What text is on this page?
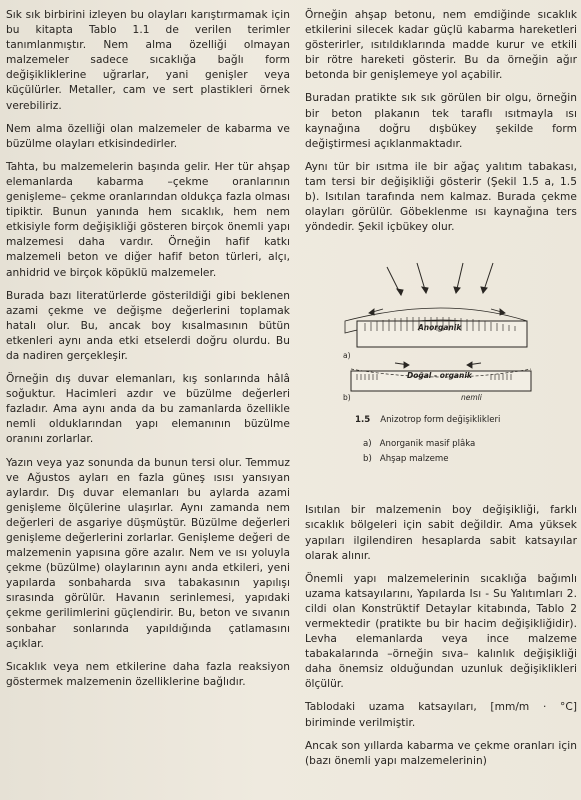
Sık sık birbirini izleyen bu olayları karıştırmamak için bu kitapta Tablo 1.1 de verilen terimler tanımlanmıştır. Nem alma özelliği olmayan malzemeler sadece sıcaklığa bağlı form değişikliklerine uğrarlar, yani genişler veya küçülürler. Metaller, cam ve sert plastikleri örnek verebiliriz.

Nem alma özelliği olan malzemeler de kabarma ve büzülme olayları etkisindedirler.

Tahta, bu malzemelerin başında gelir. Her tür ahşap elemanlarda kabarma –çekme oranlarının genişleme– çekme oranlarından oldukça fazla olması tipiktir. Bunun yanında hem sıcaklık, hem nem etkisiyle form değişikliği gösteren birçok önemli yapı malzemesi daha vardır. Örneğin hafif katkı malzemeli beton ve diğer hafif beton türleri, alçı, anhidrid ve birçok köpüklü malzemeler.

Burada bazı literatürlerde gösterildiği gibi beklenen azami çekme ve değişme değerlerini toplamak hatalı olur. Bu, ancak boy kısalmasının bütün etkenleri aynı anda etki etselerdi doğru olurdu. Bu da nadiren gerçekleşir.

Örneğin dış duvar elemanları, kış sonlarında hâlâ soğuktur. Hacimleri azdır ve büzülme değerleri fazladır. Ama aynı anda da bu zamanlarda özellikle nemli olduklarından yapı elemanının büzülme oranını zorlarlar.

Yazın veya yaz sonunda da bunun tersi olur. Temmuz ve Ağustos ayları en fazla güneş ısısı yansıyan aylardır. Dış duvar elemanları bu aylarda azami genişleme ölçülerine ulaşırlar. Aynı zamanda nem değerleri de asgariye düşmüştür. Büzülme değerleri genişleme değerlerini zorlarlar. Genişleme değeri de malzemenin yapısına göre azalır. Nem ve ısı yoluyla çekme (büzülme) olaylarının aynı anda etkileri, yeni yapılarda sonbaharda sıva tabakasının yapılışı sırasında görülür. Havanın serinlemesi, yapıdaki çekme gerilimlerini güçlendirir. Bu, beton ve sıvanın sonbahar sonlarında yapıldığında çatlamasını açıklar.

Sıcaklık veya nem etkilerine daha fazla reaksiyon göstermek malzemenin özelliklerine bağlıdır.

Örneğin ahşap betonu, nem emdiğinde sıcaklık etkilerini silecek kadar güçlü kabarma hareketleri gösterirler, ısıtıldıklarında madde kurur ve etkili bir rötre hareketi gösterir. Bu da örneğin ağır betonda bir genişlemeye yol açabilir.

Buradan pratikte sık sık görülen bir olgu, örneğin bir beton plakanın tek taraflı ısıtmayla ısı kaynağına doğru dışbükey şekilde form değiştirmesi açıklanmaktadır.

Aynı tür bir ısıtma ile bir ağaç yalıtım tabakası, tam tersi bir değişikliği gösterir (Şekil 1.5 a, 1.5 b). Isıtılan tarafında nem kalmaz. Burada çekme olayları görülür. Göbeklenme ısı kaynağına ters yöndedir. Şekil içbükey olur.

Anorganik
Doğal - organik
nemli
a)
b)
1.5 Anizotrop form değişiklikleri
a) Anorganik masif plâka
b) Ahşap malzeme

Isıtılan bir malzemenin boy değişikliği, farklı sıcaklık bölgeleri için sabit değildir. Ama yüksek yapıları ilgilendiren hesaplarda sabit katsayılar olarak alınır.

Önemli yapı malzemelerinin sıcaklığa bağımlı uzama katsayılarını, Yapılarda Isı - Su Yalıtımları 2. cildi olan Konstrüktif Detaylar kitabında, Tablo 2 vermektedir (pratikte bu bir hacim değişikliğidir). Levha elemanlarda veya ince malzeme tabakalarında –örneğin sıva– kalınlık değişikliği daha önemsiz olduğundan uzunluk değişiklikleri ölçülür.

Tablodaki uzama katsayıları, [mm/m · °C] biriminde verilmiştir.

Ancak son yıllarda kabarma ve çekme oranları için (bazı önemli yapı malzemelerinin)
